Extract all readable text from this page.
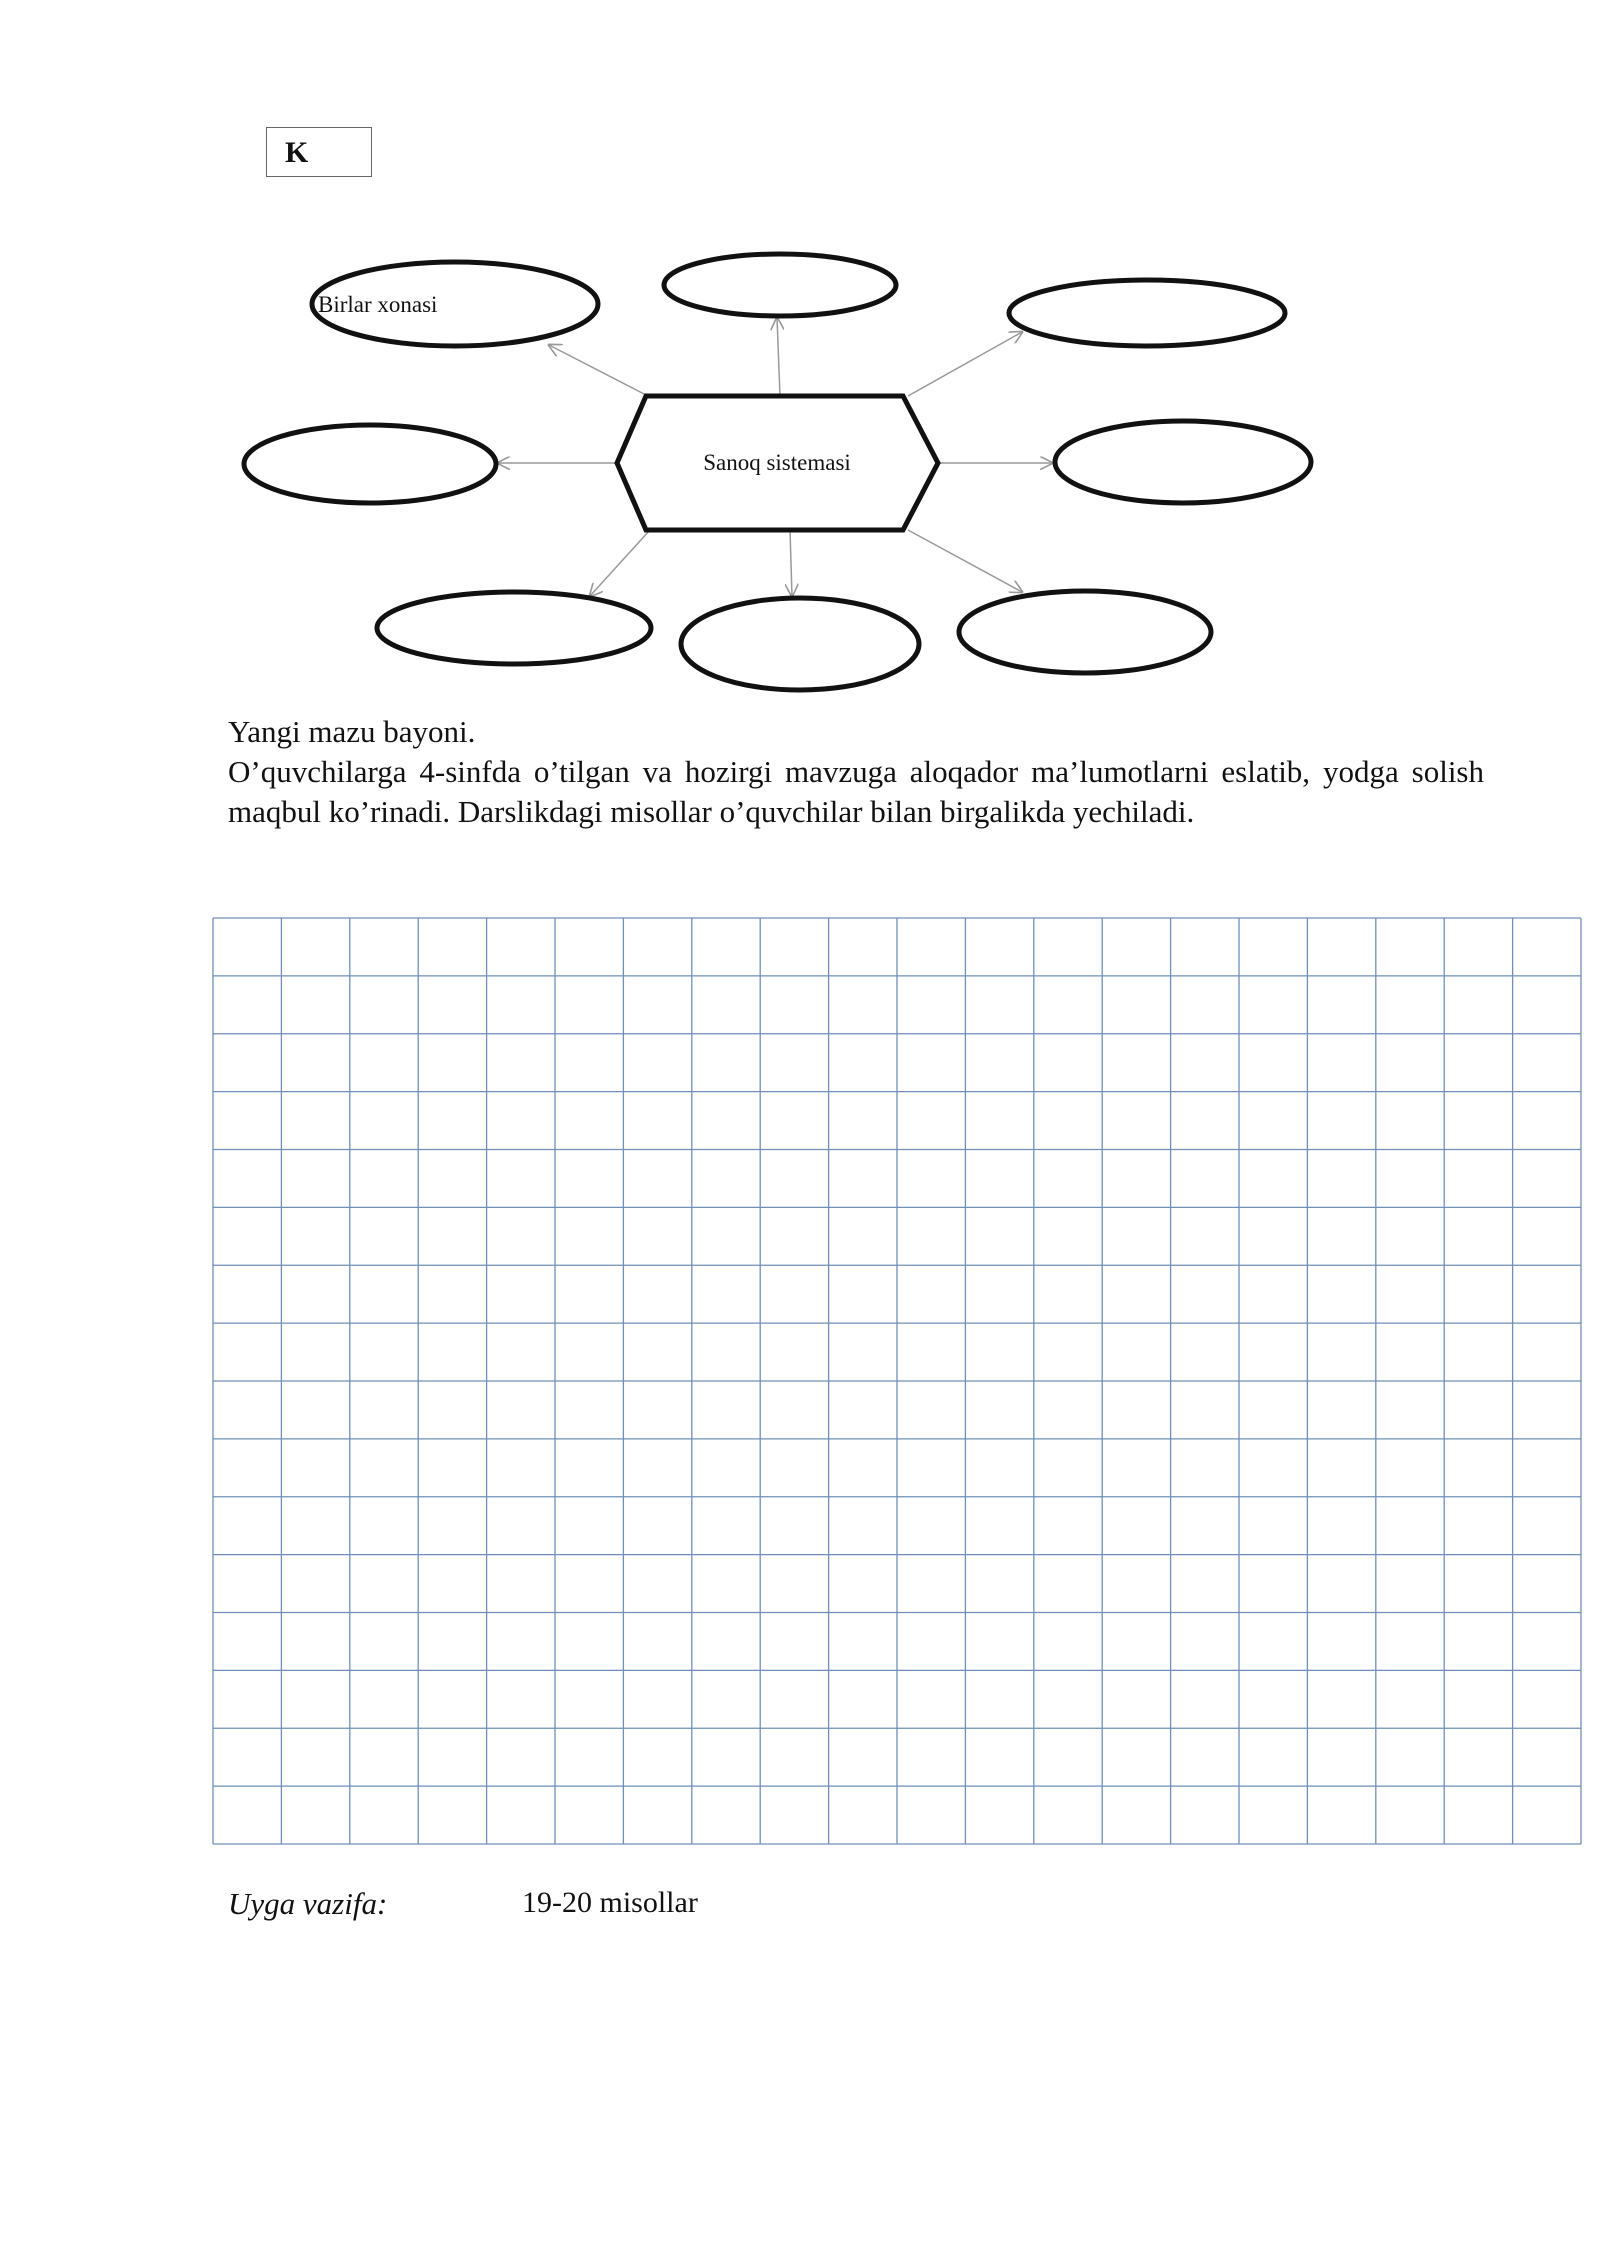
K
Sanoq sistemasi
Birlar xonasi

Yangi mazu bayoni.

O’quvchilarga 4-sinfda o’tilgan va hozirgi mavzuga aloqador ma’lumotlarni eslatib, yodga solish maqbul ko’rinadi. Darslikdagi misollar o’quvchilar bilan birgalikda yechiladi.

Uyga vazifa:	19-20 misollar
